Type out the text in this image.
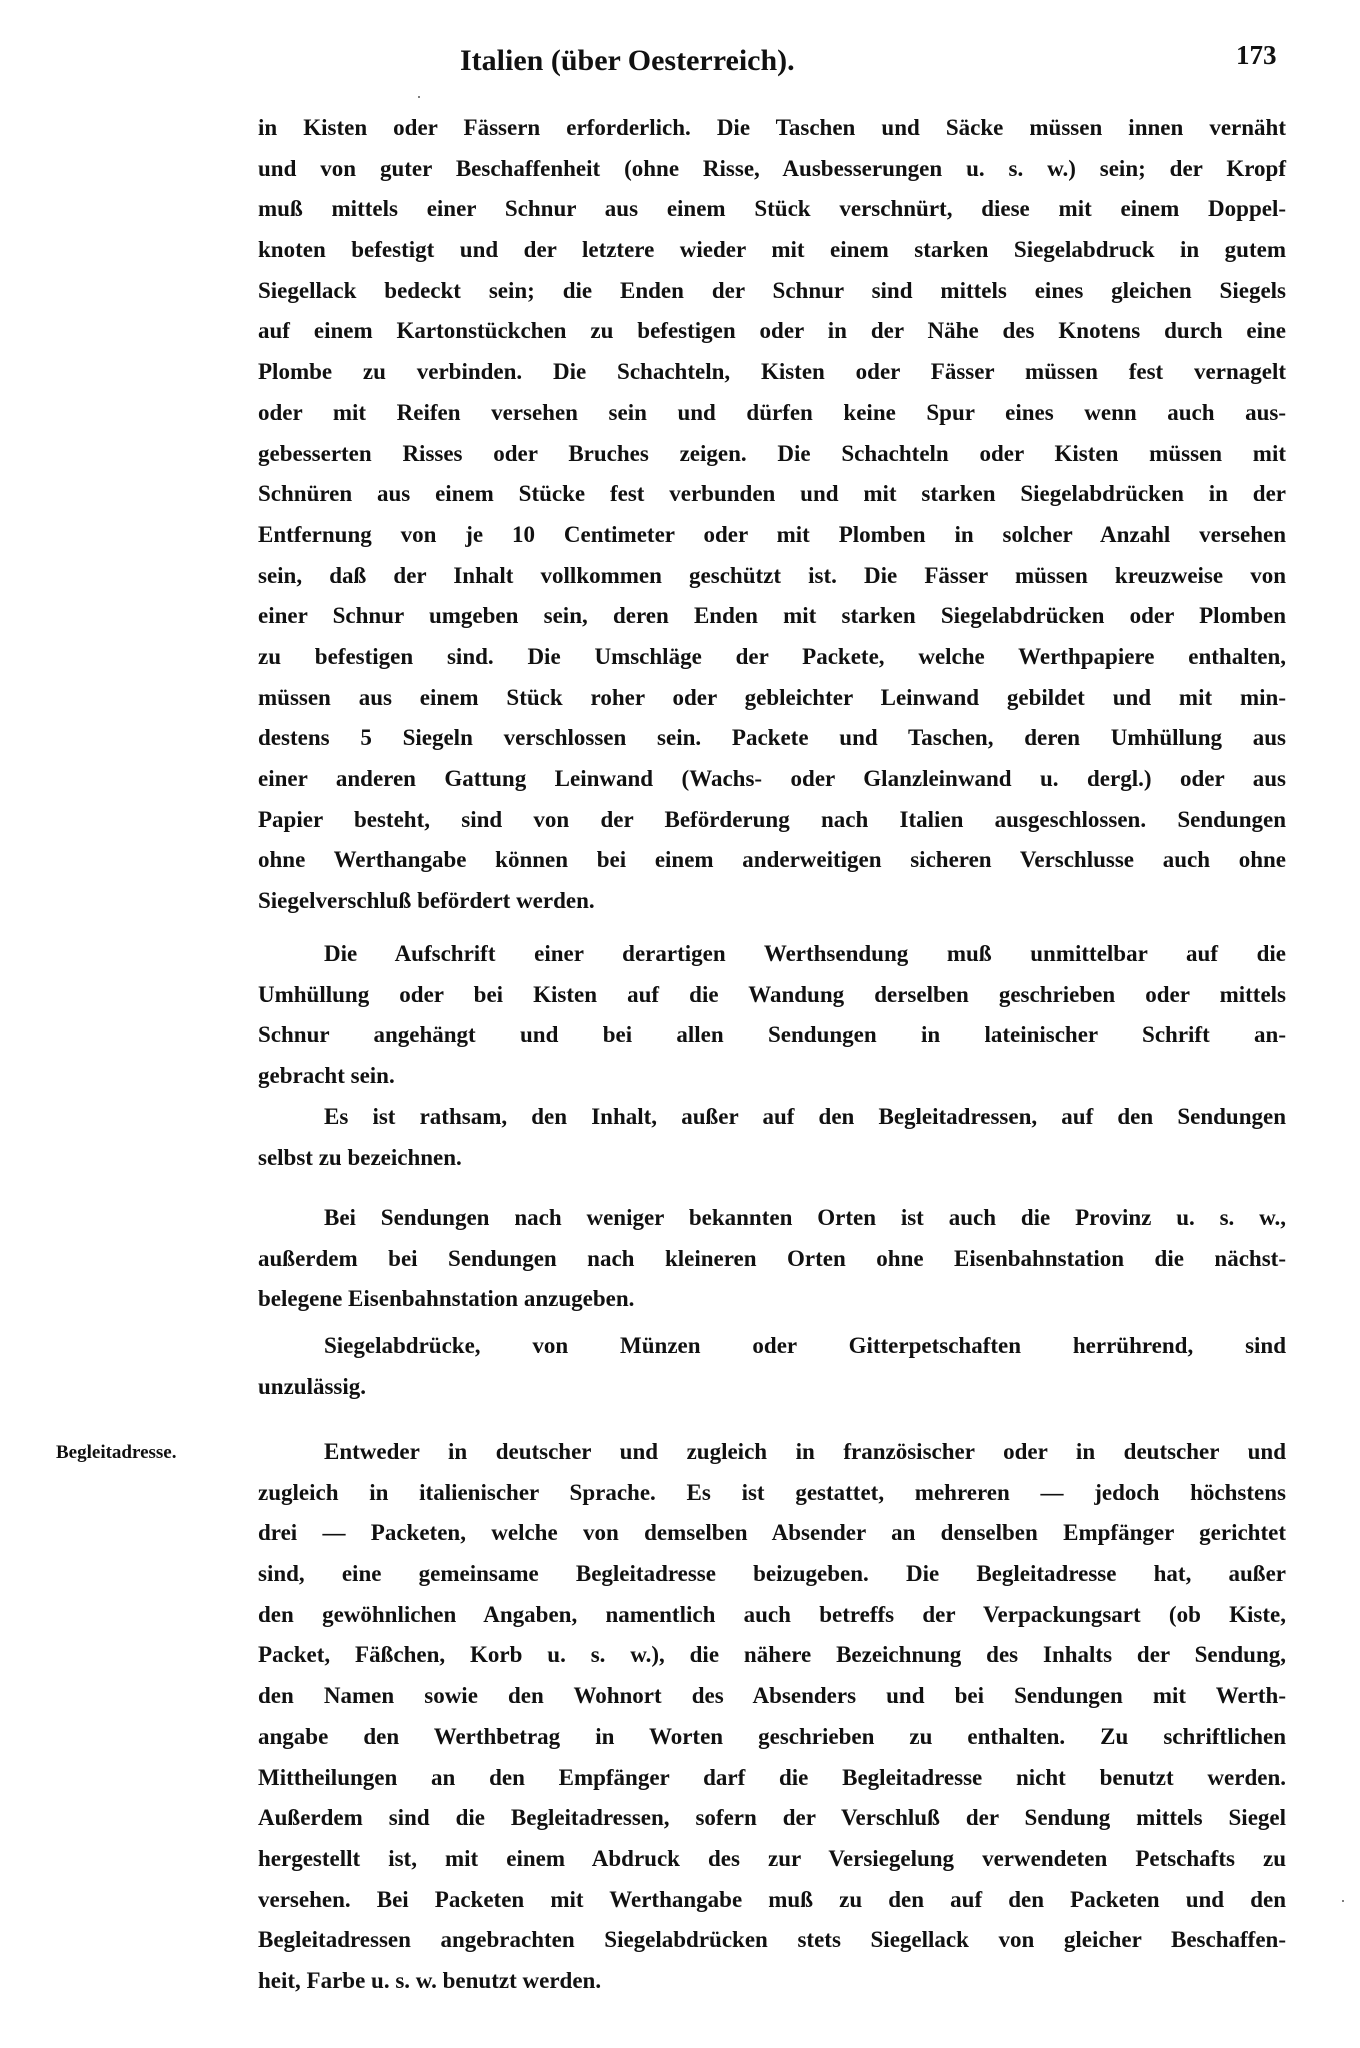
Italien (über Oesterreich).	173
in Kisten oder Fässern erforderlich. Die Taschen und Säcke müssen innen vernäht
und von guter Beschaffenheit (ohne Risse, Ausbesserungen u. s. w.) sein; der Kropf
muß mittels einer Schnur aus einem Stück verschnürt, diese mit einem Doppel-
knoten befestigt und der letztere wieder mit einem starken Siegelabdruck in gutem
Siegellack bedeckt sein; die Enden der Schnur sind mittels eines gleichen Siegels
auf einem Kartonstückchen zu befestigen oder in der Nähe des Knotens durch eine
Plombe zu verbinden. Die Schachteln, Kisten oder Fässer müssen fest vernagelt
oder mit Reifen versehen sein und dürfen keine Spur eines wenn auch aus-
gebesserten Risses oder Bruches zeigen. Die Schachteln oder Kisten müssen mit
Schnüren aus einem Stücke fest verbunden und mit starken Siegelabdrücken in der
Entfernung von je 10 Centimeter oder mit Plomben in solcher Anzahl versehen
sein, daß der Inhalt vollkommen geschützt ist. Die Fässer müssen kreuzweise von
einer Schnur umgeben sein, deren Enden mit starken Siegelabdrücken oder Plomben
zu befestigen sind. Die Umschläge der Packete, welche Werthpapiere enthalten,
müssen aus einem Stück roher oder gebleichter Leinwand gebildet und mit min-
destens 5 Siegeln verschlossen sein. Packete und Taschen, deren Umhüllung aus
einer anderen Gattung Leinwand (Wachs- oder Glanzleinwand u. dergl.) oder aus
Papier besteht, sind von der Beförderung nach Italien ausgeschlossen. Sendungen
ohne Werthangabe können bei einem anderweitigen sicheren Verschlusse auch ohne
Siegelverschluß befördert werden.
Die Aufschrift einer derartigen Werthsendung muß unmittelbar auf die
Umhüllung oder bei Kisten auf die Wandung derselben geschrieben oder mittels
Schnur angehängt und bei allen Sendungen in lateinischer Schrift an-
gebracht sein.
Es ist rathsam, den Inhalt, außer auf den Begleitadressen, auf den Sendungen
selbst zu bezeichnen.
Bei Sendungen nach weniger bekannten Orten ist auch die Provinz u. s. w.,
außerdem bei Sendungen nach kleineren Orten ohne Eisenbahnstation die nächst-
belegene Eisenbahnstation anzugeben.
Siegelabdrücke, von Münzen oder Gitterpetschaften herrührend, sind
unzulässig.
Begleitadresse.	Entweder in deutscher und zugleich in französischer oder in deutscher und
zugleich in italienischer Sprache. Es ist gestattet, mehreren — jedoch höchstens
drei — Packeten, welche von demselben Absender an denselben Empfänger gerichtet
sind, eine gemeinsame Begleitadresse beizugeben. Die Begleitadresse hat, außer
den gewöhnlichen Angaben, namentlich auch betreffs der Verpackungsart (ob Kiste,
Packet, Fäßchen, Korb u. s. w.), die nähere Bezeichnung des Inhalts der Sendung,
den Namen sowie den Wohnort des Absenders und bei Sendungen mit Werth-
angabe den Werthbetrag in Worten geschrieben zu enthalten. Zu schriftlichen
Mittheilungen an den Empfänger darf die Begleitadresse nicht benutzt werden.
Außerdem sind die Begleitadressen, sofern der Verschluß der Sendung mittels Siegel
hergestellt ist, mit einem Abdruck des zur Versiegelung verwendeten Petschafts zu
versehen. Bei Packeten mit Werthangabe muß zu den auf den Packeten und den
Begleitadressen angebrachten Siegelabdrücken stets Siegellack von gleicher Beschaffen-
heit, Farbe u. s. w. benutzt werden.
